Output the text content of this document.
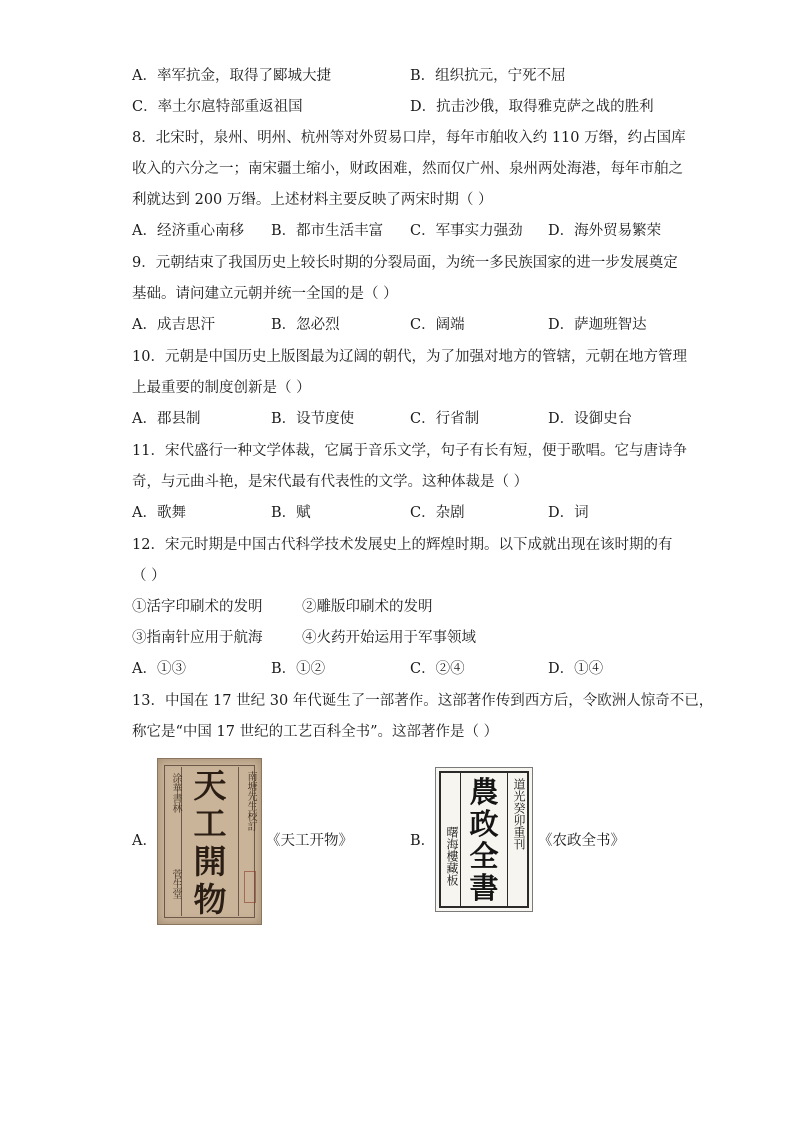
A．率军抗金，取得了郾城大捷	B．组织抗元，宁死不屈
C．率土尔扈特部重返祖国	D．抗击沙俄，取得雅克萨之战的胜利
8．北宋时，泉州、明州、杭州等对外贸易口岸，每年市舶收入约 110 万缗，约占国库
收入的六分之一；南宋疆土缩小，财政困难，然而仅广州、泉州两处海港，每年市舶之
利就达到 200 万缗。上述材料主要反映了两宋时期（ ）
A．经济重心南移 B．都市生活丰富 C．军事实力强劲 D．海外贸易繁荣
9．元朝结束了我国历史上较长时期的分裂局面，为统一多民族国家的进一步发展奠定
基础。请问建立元朝并统一全国的是（ ）
A．成吉思汗	B．忽必烈	C．阔端	D．萨迦班智达
10．元朝是中国历史上版图最为辽阔的朝代，为了加强对地方的管辖，元朝在地方管理
上最重要的制度创新是（ ）
A．郡县制	B．设节度使	C．行省制	D．设御史台
11．宋代盛行一种文学体裁，它属于音乐文学，句子有长有短，便于歌唱。它与唐诗争
奇，与元曲斗艳，是宋代最有代表性的文学。这种体裁是（ ）
A．歌舞	B．赋	C．杂剧	D．词
12．宋元时期是中国古代科学技术发展史上的辉煌时期。以下成就出现在该时期的有
（ ）
①活字印刷术的发明	②雕版印刷术的发明
③指南针应用于航海	④火药开始运用于军事领域
A．①③	B．①②	C．②④	D．①④
13．中国在 17 世纪 30 年代诞生了一部著作。这部著作传到西方后，令欧洲人惊奇不已，
称它是“中国 17 世纪的工艺百科全书”。这部著作是（ ）
A．
涂華書林 天工開物
南塘先生校訂
菅生堂
《天工开物》	B． 曙海樓藏板
農政全書
道光癸卯重刊 《农政全书》
